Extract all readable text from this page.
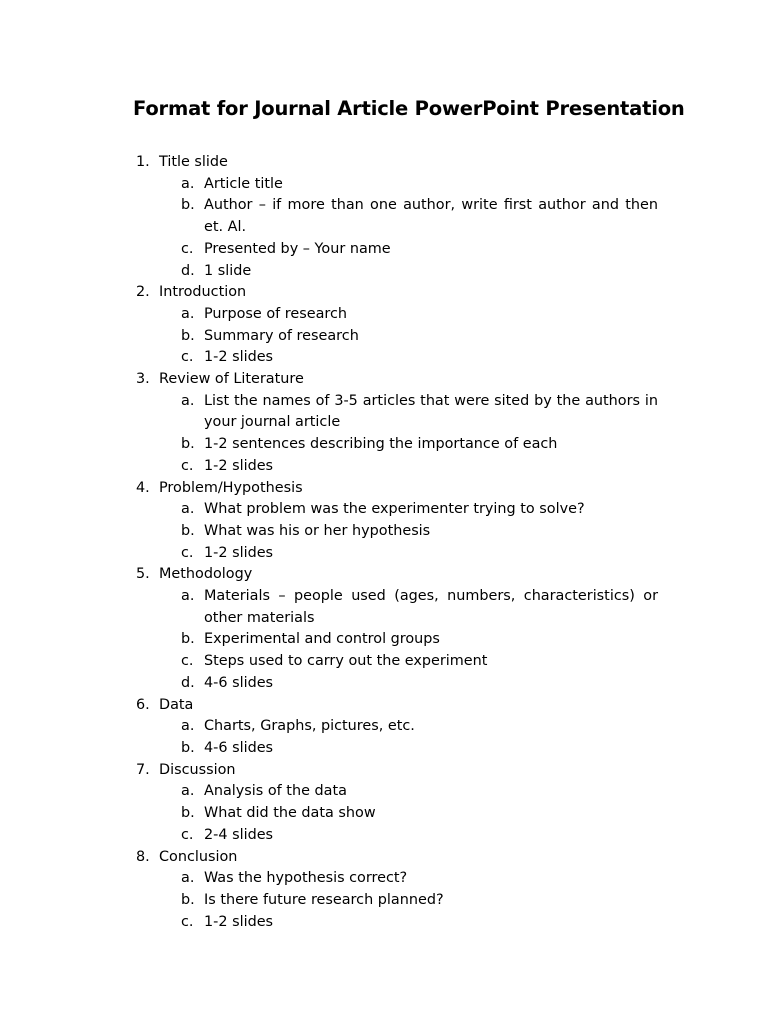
Format for Journal Article PowerPoint Presentation
1. Title slide
a. Article title
b. Author – if more than one author, write first author and then et. Al.
c. Presented by – Your name
d. 1 slide
2. Introduction
a. Purpose of research
b. Summary of research
c. 1-2 slides
3. Review of Literature
a. List the names of 3-5 articles that were sited by the authors in your journal article
b. 1-2 sentences describing the importance of each
c. 1-2 slides
4. Problem/Hypothesis
a. What problem was the experimenter trying to solve?
b. What was his or her hypothesis
c. 1-2 slides
5. Methodology
a. Materials – people used (ages, numbers, characteristics) or other materials
b. Experimental and control groups
c. Steps used to carry out the experiment
d. 4-6 slides
6. Data
a. Charts, Graphs, pictures, etc.
b. 4-6 slides
7. Discussion
a. Analysis of the data
b. What did the data show
c. 2-4 slides
8. Conclusion
a. Was the hypothesis correct?
b. Is there future research planned?
c. 1-2 slides
